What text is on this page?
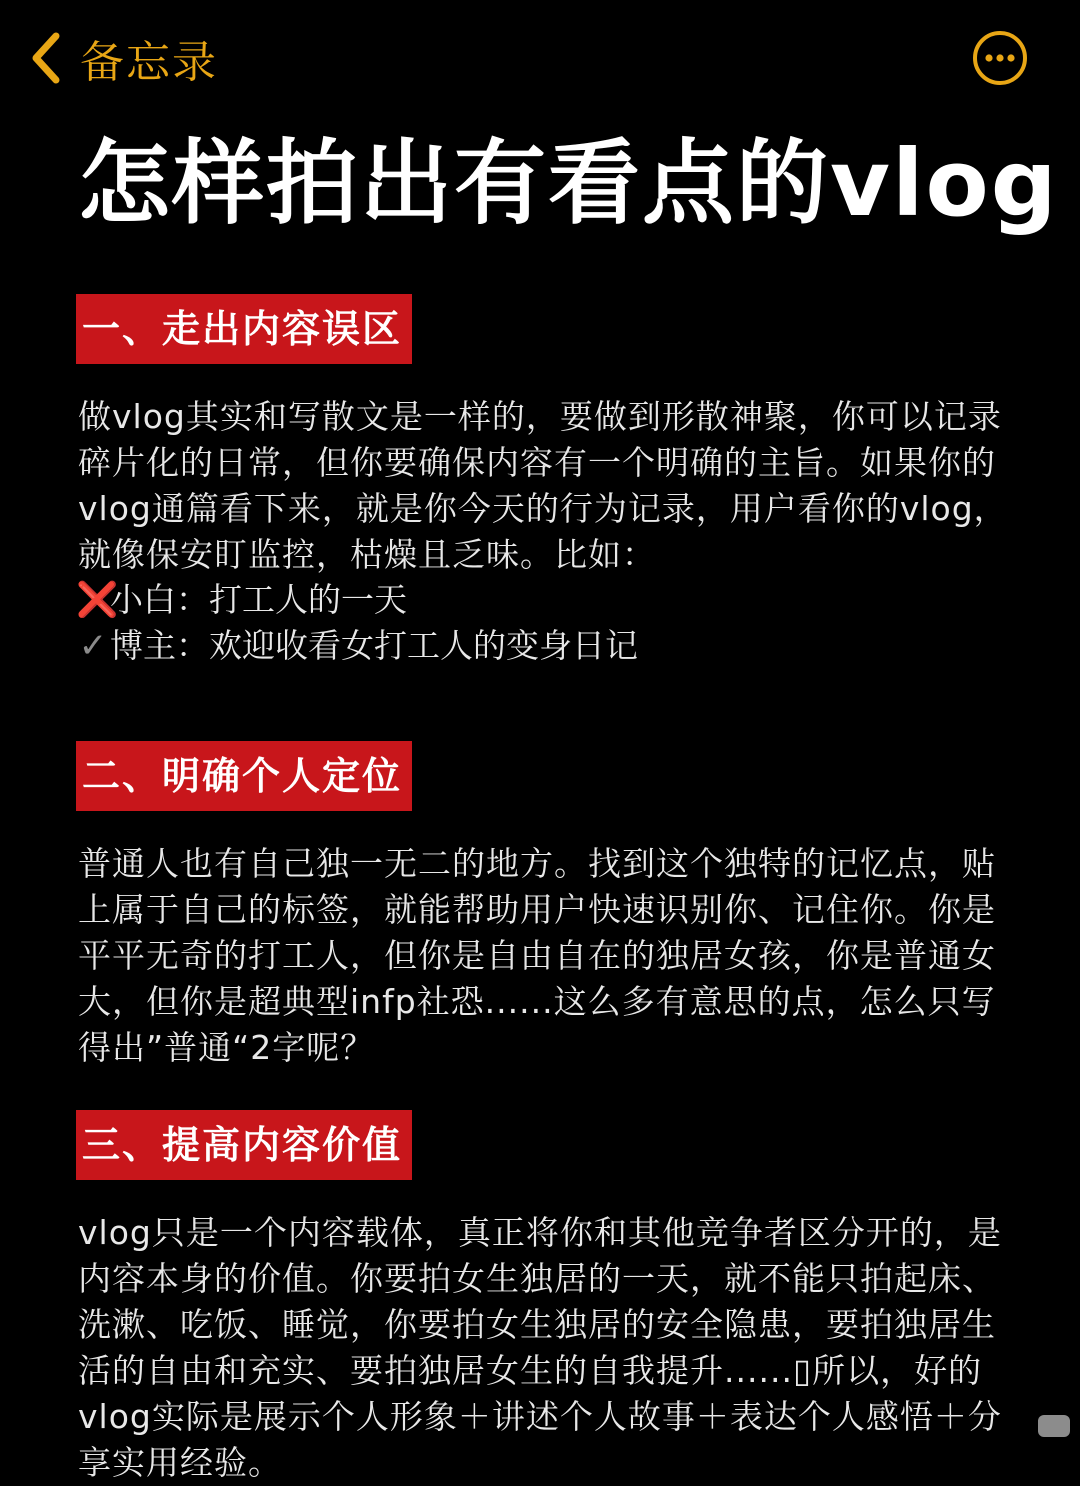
备忘录
怎样拍出有看点的vlog
一、走出内容误区

做vlog其实和写散文是一样的，要做到形散神聚，你可以记录碎片化的日常，但你要确保内容有一个明确的主旨。如果你的vlog通篇看下来，就是你今天的行为记录，用户看你的vlog，就像保安盯监控，枯燥且乏味。比如：

❌
小白：打工人的一天
✓ 博主：欢迎收看女打工人的变身日记
二、明确个人定位

普通人也有自己独一无二的地方。找到这个独特的记忆点，贴上属于自己的标签，就能帮助用户快速识别你、记住你。你是平平无奇的打工人，但你是自由自在的独居女孩，你是普通女大，但你是超典型infp社恐......这么多有意思的点，怎么只写得出”普通“2字呢？

三、提高内容价值

vlog只是一个内容载体，真正将你和其他竞争者区分开的，是内容本身的价值。你要拍女生独居的一天，就不能只拍起床、洗漱、吃饭、睡觉，你要拍女生独居的安全隐患，要拍独居生活的自由和充实、要拍独居女生的自我提升......▯所以，好的vlog实际是展示个人形象＋讲述个人故事＋表达个人感悟＋分享实用经验。
